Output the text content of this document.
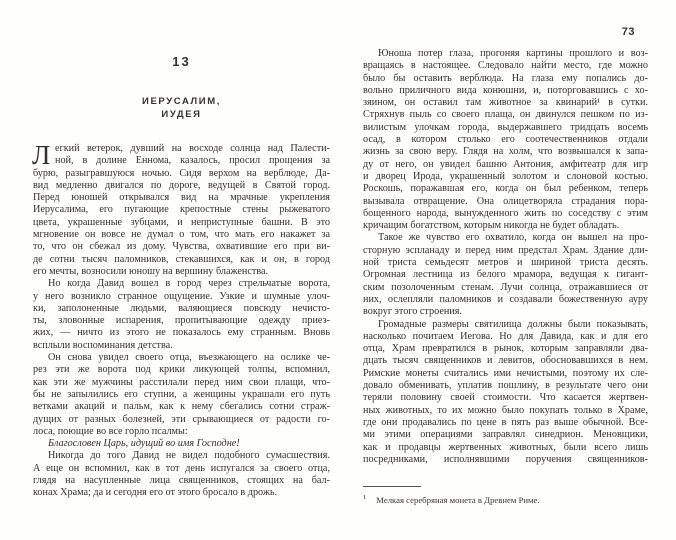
13
ИЕРУСАЛИМ,
ИУДЕЯ
Л егкий ветерок, дувший на восходе солнца над Палести-
ной, в долине Еннома, казалось, просил прощения за
бурю, разыгравшуюся ночью. Сидя верхом на верблюде, Да-
вид медленно двигался по дороге, ведущей в Святой город.
Перед юношей открывался вид на мрачные укрепления
Иерусалима, его пугающие крепостные стены рыжеватого
цвета, украшенные зубцами, и неприступные башни. В это
мгновение он вовсе не думал о том, что мать его накажет за
то, что он сбежал из дому. Чувства, охватившие его при ви-
де сотни тысяч паломников, стекавшихся, как и он, в город
его мечты, возносили юношу на вершину блаженства.
Но когда Давид вошел в город через стрельчатые ворота,
у него возникло странное ощущение. Узкие и шумные улоч-
ки, заполоненные людьми, валяющиеся повсюду нечисто-
ты, зловонные испарения, пропитывающие одежду приез-
жих, — ничто из этого не показалось ему странным. Вновь
всплыли воспоминания детства.
Он снова увидел своего отца, въезжающего на ослике че-
рез эти же ворота под крики ликующей толпы, вспомнил,
как эти же мужчины расстилали перед ним свои плащи, что-
бы не запылились его ступни, а женщины украшали его путь
ветками акаций и пальм, как к нему сбегались сотни страж-
дущих от разных болезней, эти срывающиеся от радости го-
лоса, поющие во все горло псалмы:
Благословен Царь, идущий во имя Господне!
Никогда до того Давид не видел подобного сумасшествия.
А еще он вспомнил, как в тот день испугался за своего отца,
глядя на насупленные лица священников, стоящих на бал-
конах Храма; да и сегодня его от этого бросало в дрожь.
73
Юноша потер глаза, прогоняя картины прошлого и воз-
вращаясь в настоящее. Следовало найти место, где можно
было бы оставить верблюда. На глаза ему попались до-
вольно приличного вида конюшни, и, поторговавшись с хо-
зяином, он оставил там животное за квинарий¹ в сутки.
Стряхнув пыль со своего плаща, он двинулся пешком по из-
вилистым улочкам города, выдержавшего тридцать восемь
осад, в котором столько его соотечественников отдали
жизнь за свою веру. Глядя на холм, что возвышался к запа-
ду от него, он увидел башню Антония, амфитеатр для игр
и дворец Ирода, украшенный золотом и слоновой костью.
Роскошь, поражавшая его, когда он был ребенком, теперь
вызывала отвращение. Она олицетворяла страдания пора-
бощенного народа, вынужденного жить по соседству с этим
кричащим богатством, которым никогда не будет обладать.
Такое же чувство его охватило, когда он вышел на про-
сторную эспланаду и перед ним предстал Храм. Здание дли-
ной триста семьдесят метров и шириной триста десять.
Огромная лестница из белого мрамора, ведущая к гигант-
ским позолоченным стенам. Лучи солнца, отражавшиеся от
них, ослепляли паломников и создавали божественную ауру
вокруг этого строения.
Громадные размеры святилища должны были показывать,
насколько почитаем Иегова. Но для Давида, как и для его
отца, Храм превратился в рынок, которым заправляли два-
дцать тысяч священников и левитов, обосновавшихся в нем.
Римские монеты считались ими нечистыми, поэтому их сле-
довало обменивать, уплатив пошлину, в результате чего они
теряли половину своей стоимости. Что касается жертвен-
ных животных, то их можно было покупать только в Храме,
где они продавались по цене в пять раз выше обычной. Все-
ми этими операциями заправлял синедрион. Меновщики,
как и продавцы жертвенных животных, были всего лишь
посредниками, исполнявшими поручения священников-
$^1$ Мелкая серебряная монета в Древнем Риме.
